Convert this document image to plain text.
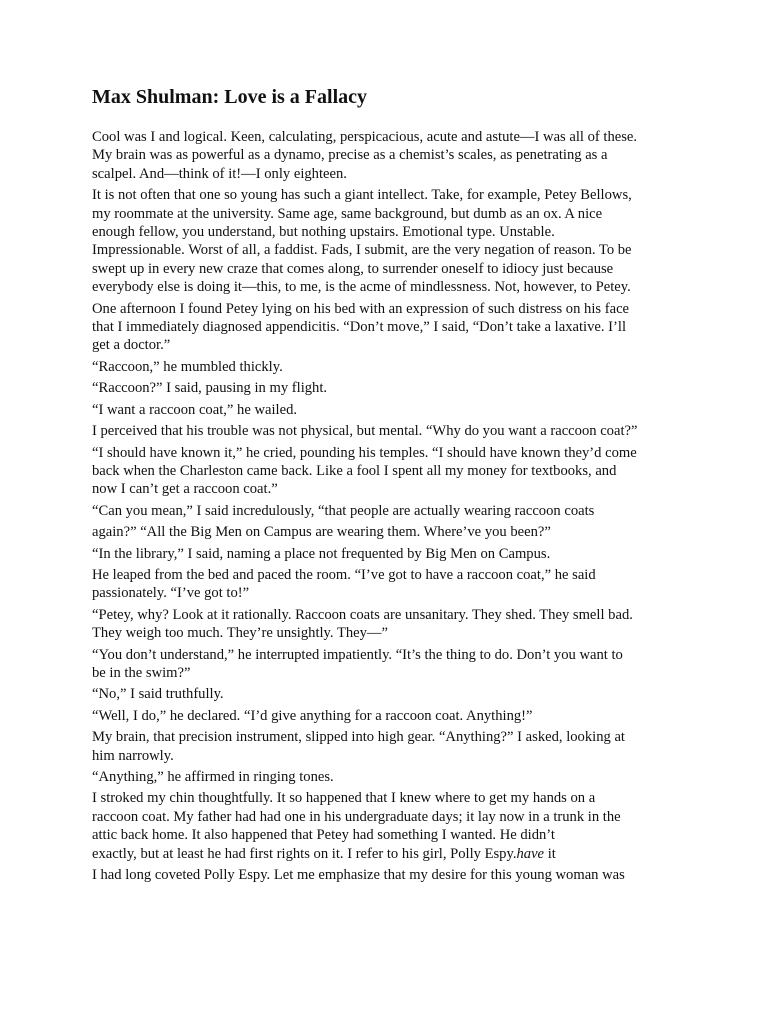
Max Shulman: Love is a Fallacy

Cool was I and logical. Keen, calculating, perspicacious, acute and astute—I was all of these.
My brain was as powerful as a dynamo, precise as a chemist’s scales, as penetrating as a
scalpel. And—think of it!—I only eighteen.

It is not often that one so young has such a giant intellect. Take, for example, Petey Bellows,
my roommate at the university. Same age, same background, but dumb as an ox. A nice
enough fellow, you understand, but nothing upstairs. Emotional type. Unstable.
Impressionable. Worst of all, a faddist. Fads, I submit, are the very negation of reason. To be
swept up in every new craze that comes along, to surrender oneself to idiocy just because
everybody else is doing it—this, to me, is the acme of mindlessness. Not, however, to Petey.

One afternoon I found Petey lying on his bed with an expression of such distress on his face
that I immediately diagnosed appendicitis. “Don’t move,” I said, “Don’t take a laxative. I’ll
get a doctor.”

“Raccoon,” he mumbled thickly.

“Raccoon?” I said, pausing in my flight.

“I want a raccoon coat,” he wailed.

I perceived that his trouble was not physical, but mental. “Why do you want a raccoon coat?”

“I should have known it,” he cried, pounding his temples. “I should have known they’d come
back when the Charleston came back. Like a fool I spent all my money for textbooks, and
now I can’t get a raccoon coat.”

“Can you mean,” I said incredulously, “that people are actually wearing raccoon coats

again?” “All the Big Men on Campus are wearing them. Where’ve you been?”

“In the library,” I said, naming a place not frequented by Big Men on Campus.

He leaped from the bed and paced the room. “I’ve got to have a raccoon coat,” he said
passionately. “I’ve got to!”

“Petey, why? Look at it rationally. Raccoon coats are unsanitary. They shed. They smell bad.
They weigh too much. They’re unsightly. They—”

“You don’t understand,” he interrupted impatiently. “It’s the thing to do. Don’t you want to
be in the swim?”

“No,” I said truthfully.

“Well, I do,” he declared. “I’d give anything for a raccoon coat. Anything!”

My brain, that precision instrument, slipped into high gear. “Anything?” I asked, looking at
him narrowly.

“Anything,” he affirmed in ringing tones.

I stroked my chin thoughtfully. It so happened that I knew where to get my hands on a
raccoon coat. My father had had one in his undergraduate days; it lay now in a trunk in the
attic back home. It also happened that Petey had something I wanted. He didn’t
exactly, but at least he had first rights on it. I refer to his girl, Polly Espy.have it

I had long coveted Polly Espy. Let me emphasize that my desire for this young woman was
